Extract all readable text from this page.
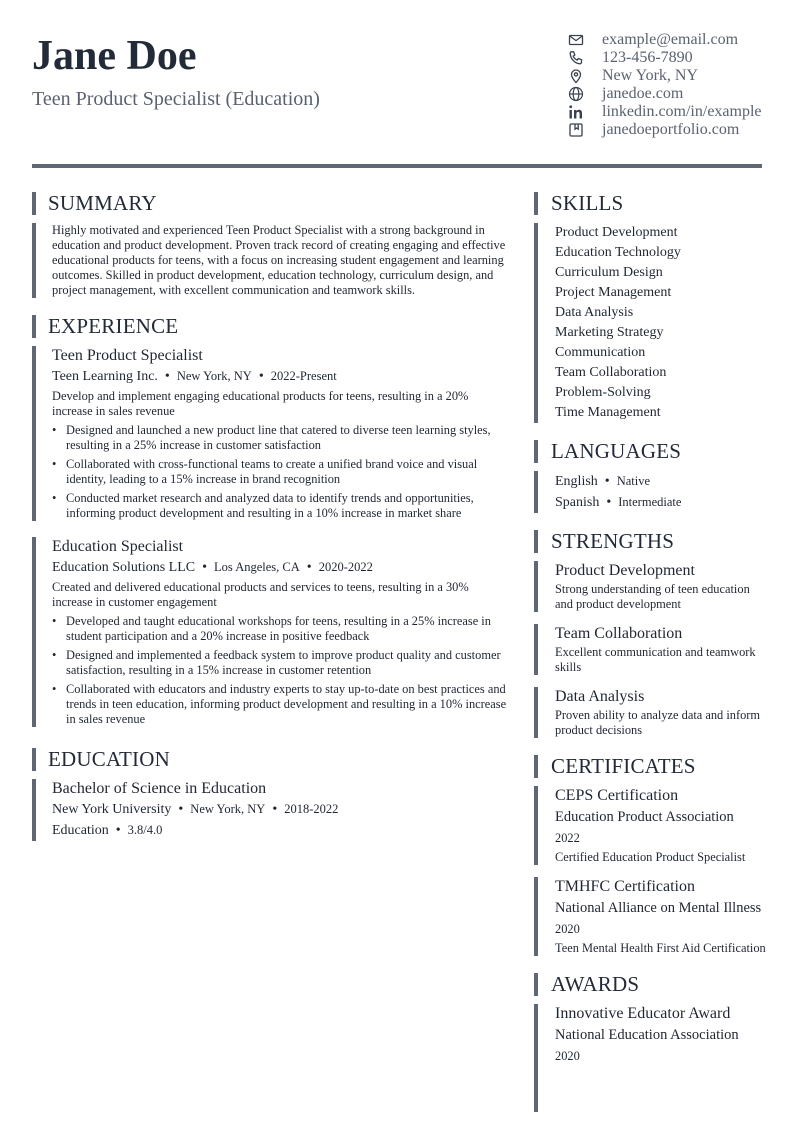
Jane Doe
Teen Product Specialist (Education)
example@email.com
123-456-7890
New York, NY
janedoe.com
linkedin.com/in/example
janedoeportfolio.com
SUMMARY
Highly motivated and experienced Teen Product Specialist with a strong background in education and product development. Proven track record of creating engaging and effective educational products for teens, with a focus on increasing student engagement and learning outcomes. Skilled in product development, education technology, curriculum design, and project management, with excellent communication and teamwork skills.
EXPERIENCE
Teen Product Specialist
Teen Learning Inc. • New York, NY • 2022-Present
Develop and implement engaging educational products for teens, resulting in a 20% increase in sales revenue
• Designed and launched a new product line that catered to diverse teen learning styles, resulting in a 25% increase in customer satisfaction
• Collaborated with cross-functional teams to create a unified brand voice and visual identity, leading to a 15% increase in brand recognition
• Conducted market research and analyzed data to identify trends and opportunities, informing product development and resulting in a 10% increase in market share
Education Specialist
Education Solutions LLC • Los Angeles, CA • 2020-2022
Created and delivered educational products and services to teens, resulting in a 30% increase in customer engagement
• Developed and taught educational workshops for teens, resulting in a 25% increase in student participation and a 20% increase in positive feedback
• Designed and implemented a feedback system to improve product quality and customer satisfaction, resulting in a 15% increase in customer retention
• Collaborated with educators and industry experts to stay up-to-date on best practices and trends in teen education, informing product development and resulting in a 10% increase in sales revenue
EDUCATION
Bachelor of Science in Education
New York University • New York, NY • 2018-2022
Education • 3.8/4.0
SKILLS
Product Development
Education Technology
Curriculum Design
Project Management
Data Analysis
Marketing Strategy
Communication
Team Collaboration
Problem-Solving
Time Management
LANGUAGES
English • Native
Spanish • Intermediate
STRENGTHS
Product Development
Strong understanding of teen education and product development
Team Collaboration
Excellent communication and teamwork skills
Data Analysis
Proven ability to analyze data and inform product decisions
CERTIFICATES
CEPS Certification
Education Product Association
2022
Certified Education Product Specialist
TMHFC Certification
National Alliance on Mental Illness
2020
Teen Mental Health First Aid Certification
AWARDS
Innovative Educator Award
National Education Association
2020
